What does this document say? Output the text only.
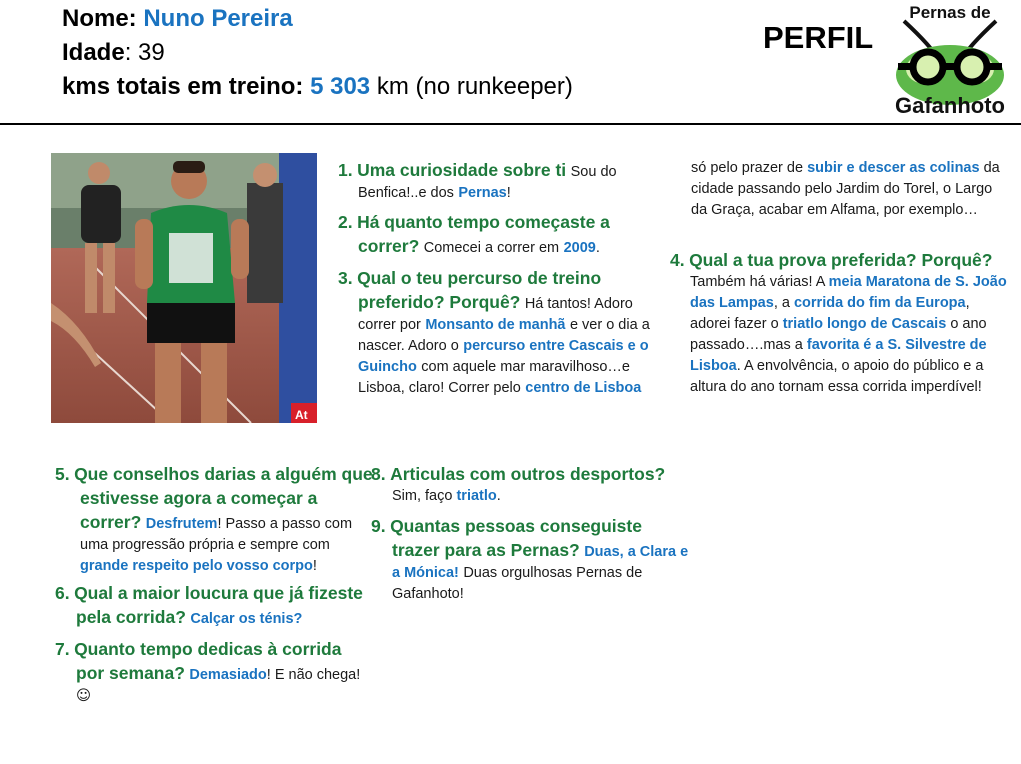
Nome: Nuno Pereira
Idade: 39
kms totais em treino: 5 303 km (no runkeeper)
PERFIL
Pernas de
Gafanhoto
At

1. Uma curiosidade sobre ti Sou do Benfica!..e dos Pernas!

2. Há quanto tempo começaste a correr? Comecei a correr em 2009.

3. Qual o teu percurso de treino preferido? Porquê? Há tantos! Adoro correr por Monsanto de manhã e ver o dia a nascer. Adoro o percurso entre Cascais e o Guincho com aquele mar maravilhoso…e Lisboa, claro! Correr pelo centro de Lisboa

só pelo prazer de subir e descer as colinas da cidade passando pelo Jardim do Torel, o Largo da Graça, acabar em Alfama, por exemplo…

4. Qual a tua prova preferida? Porquê?

Também há várias! A meia Maratona de S. João das Lampas, a corrida do fim da Europa, adorei fazer o triatlo longo de Cascais o ano passado….mas a favorita é a S. Silvestre de Lisboa. A envolvência, o apoio do público e a altura do ano tornam essa corrida imperdível!

5. Que conselhos darias a alguém que estivesse agora a começar a correr? Desfrutem! Passo a passo com uma progressão própria e sempre com grande respeito pelo vosso corpo!

6. Qual a maior loucura que já fizeste pela corrida? Calçar os ténis?

7. Quanto tempo dedicas à corrida por semana? Demasiado! E não chega! ☺

8. Articulas com outros desportos?

Sim, faço triatlo.

9. Quantas pessoas conseguiste trazer para as Pernas? Duas, a Clara e a Mónica! Duas orgulhosas Pernas de Gafanhoto!
